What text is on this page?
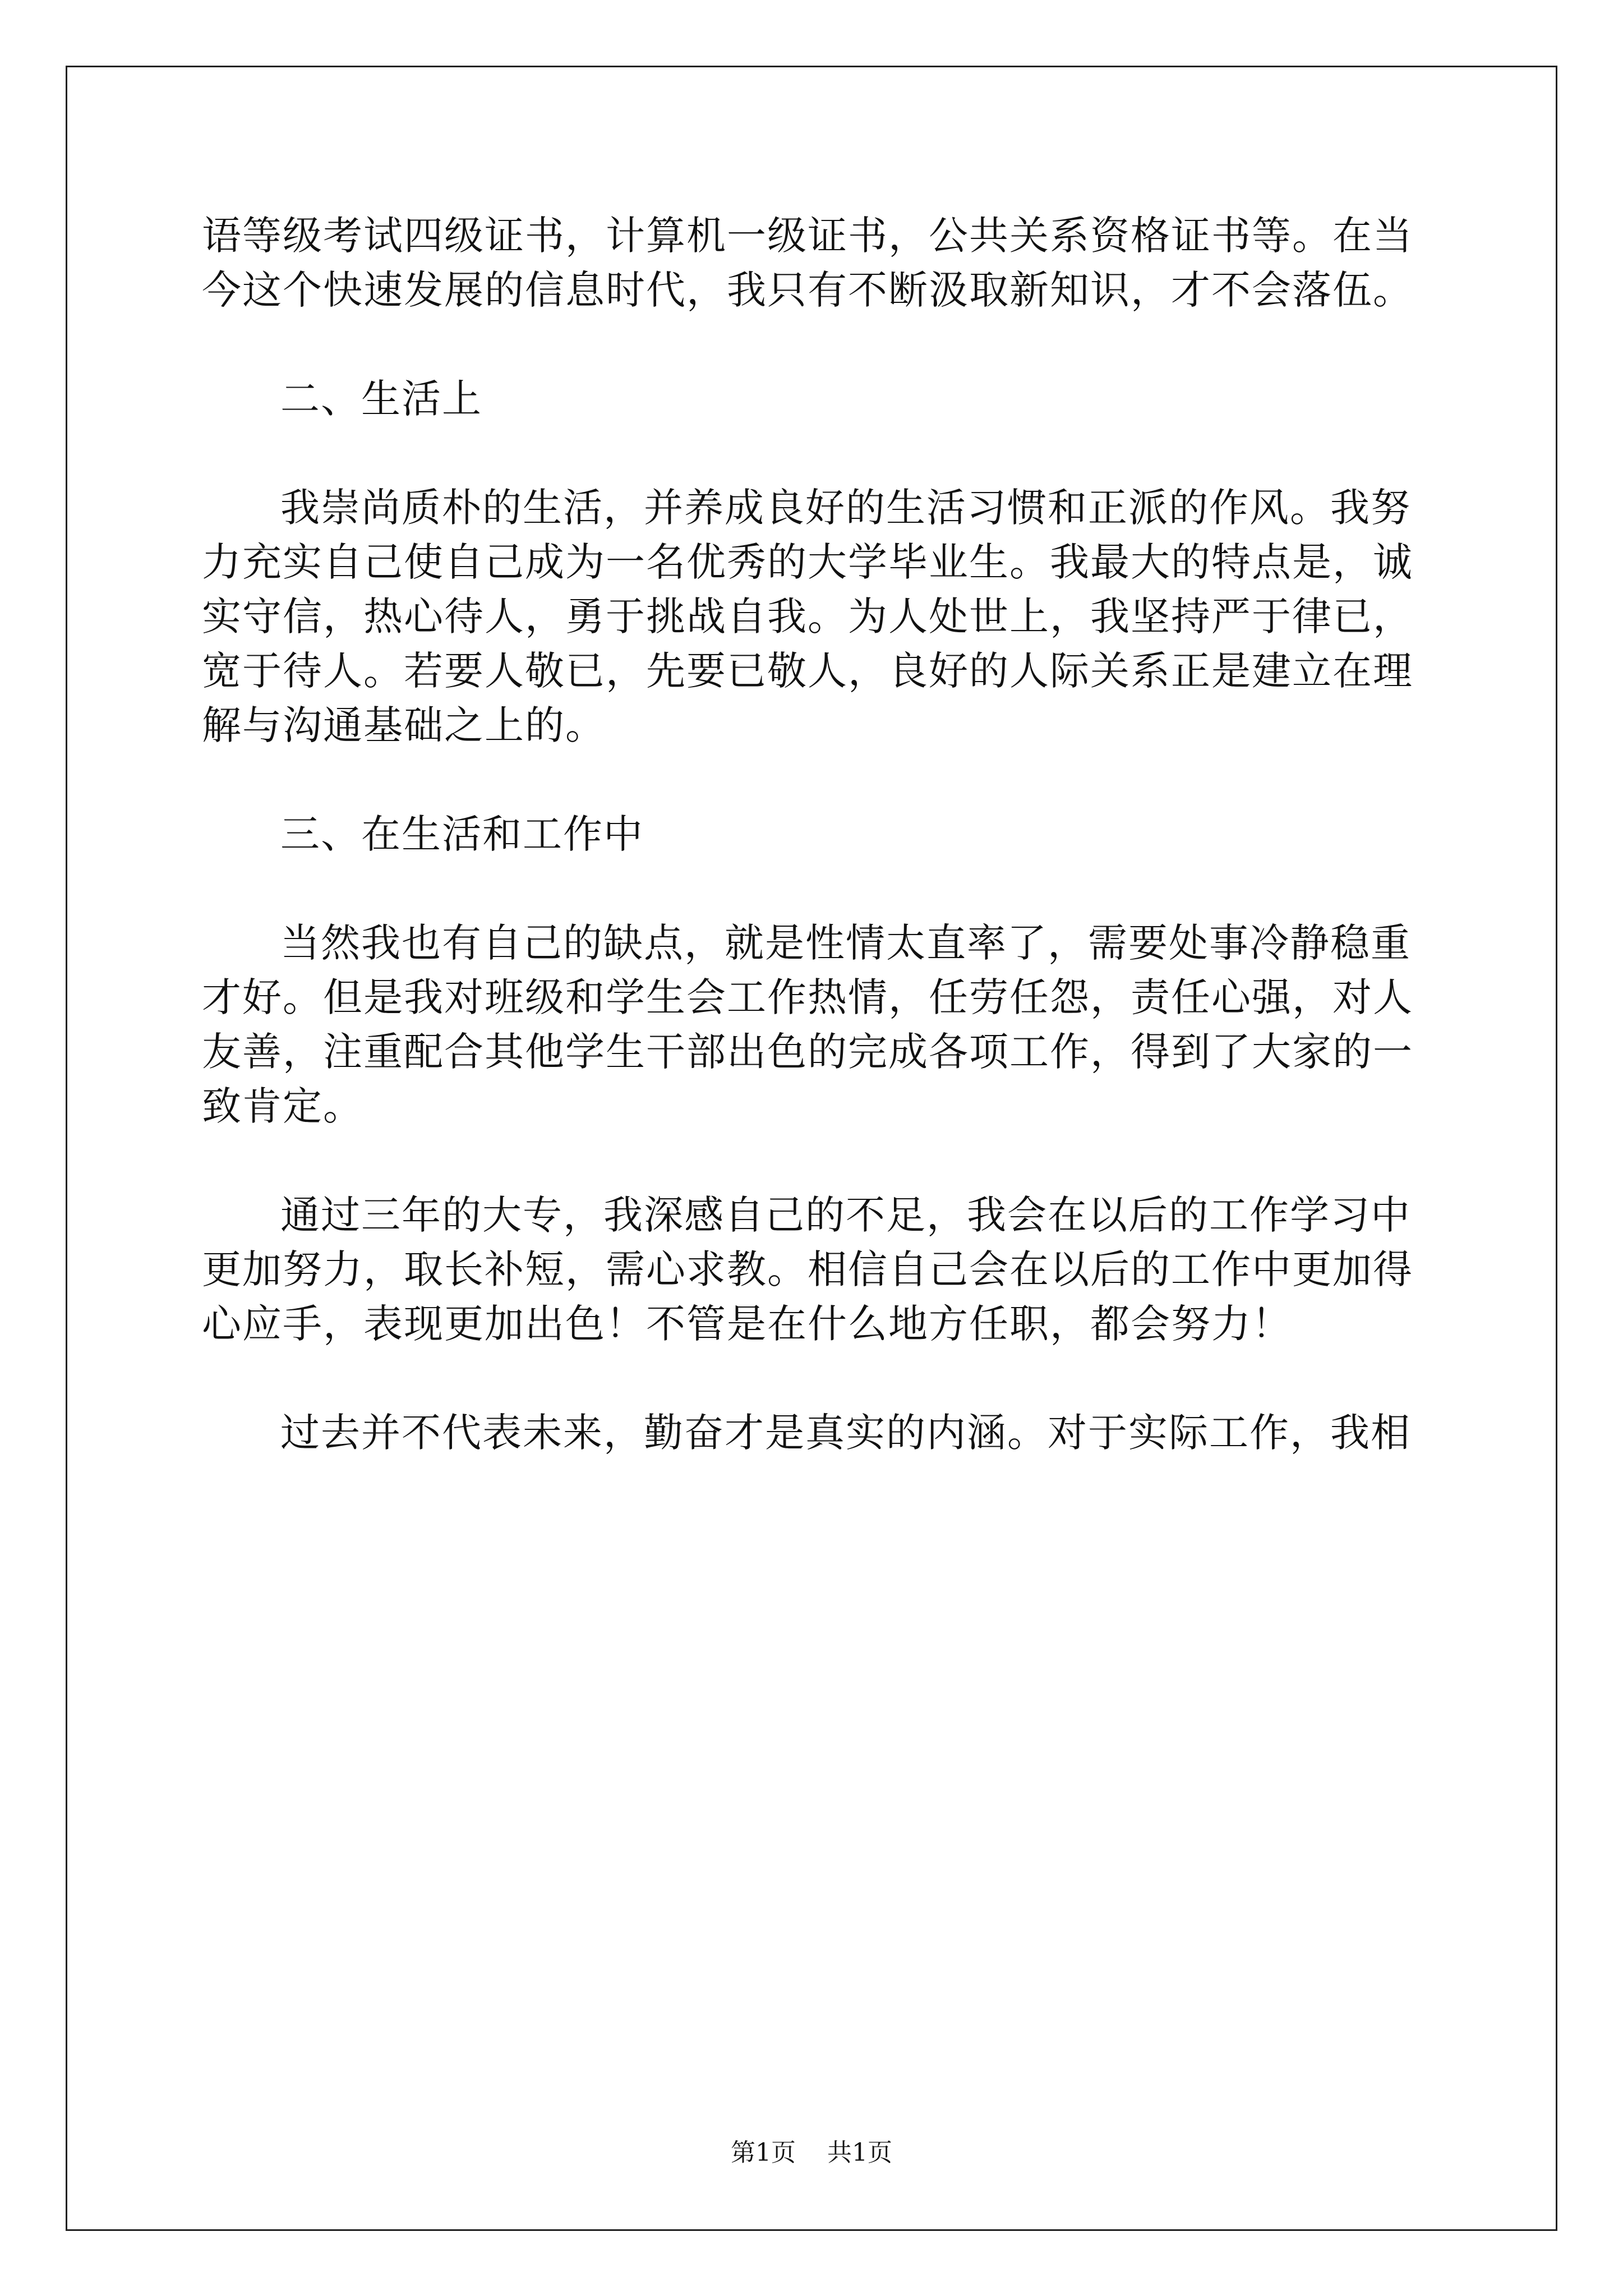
语等级考试四级证书，计算机一级证书，公共关系资格证书等。在当
今这个快速发展的信息时代，我只有不断汲取新知识，才不会落伍。
二、生活上
我崇尚质朴的生活，并养成良好的生活习惯和正派的作风。我努
力充实自己使自己成为一名优秀的大学毕业生。我最大的特点是，诚
实守信，热心待人，勇于挑战自我。为人处世上，我坚持严于律已，
宽于待人。若要人敬已，先要已敬人，良好的人际关系正是建立在理
解与沟通基础之上的。
三、在生活和工作中
当然我也有自己的缺点，就是性情太直率了，需要处事冷静稳重
才好。但是我对班级和学生会工作热情，任劳任怨，责任心强，对人
友善，注重配合其他学生干部出色的完成各项工作，得到了大家的一
致肯定。
通过三年的大专，我深感自己的不足，我会在以后的工作学习中
更加努力，取长补短，需心求教。相信自己会在以后的工作中更加得
心应手，表现更加出色！不管是在什么地方任职，都会努力！
过去并不代表未来，勤奋才是真实的内涵。对于实际工作，我相
第1页 共1页
